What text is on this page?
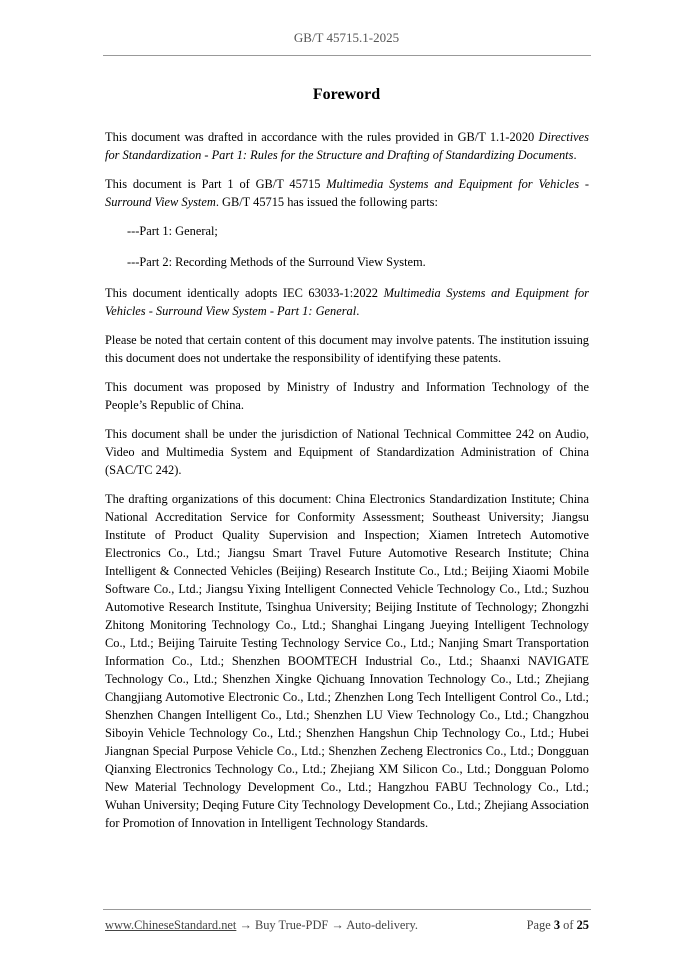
GB/T 45715.1-2025
Foreword

This document was drafted in accordance with the rules provided in GB/T 1.1-2020 Directives for Standardization - Part 1: Rules for the Structure and Drafting of Standardizing Documents.

This document is Part 1 of GB/T 45715 Multimedia Systems and Equipment for Vehicles - Surround View System. GB/T 45715 has issued the following parts:

---Part 1: General;

---Part 2: Recording Methods of the Surround View System.

This document identically adopts IEC 63033-1:2022 Multimedia Systems and Equipment for Vehicles - Surround View System - Part 1: General.

Please be noted that certain content of this document may involve patents. The institution issuing this document does not undertake the responsibility of identifying these patents.

This document was proposed by Ministry of Industry and Information Technology of the People’s Republic of China.

This document shall be under the jurisdiction of National Technical Committee 242 on Audio, Video and Multimedia System and Equipment of Standardization Administration of China (SAC/TC 242).

The drafting organizations of this document: China Electronics Standardization Institute; China National Accreditation Service for Conformity Assessment; Southeast University; Jiangsu Institute of Product Quality Supervision and Inspection; Xiamen Intretech Automotive Electronics Co., Ltd.; Jiangsu Smart Travel Future Automotive Research Institute; China Intelligent & Connected Vehicles (Beijing) Research Institute Co., Ltd.; Beijing Xiaomi Mobile Software Co., Ltd.; Jiangsu Yixing Intelligent Connected Vehicle Technology Co., Ltd.; Suzhou Automotive Research Institute, Tsinghua University; Beijing Institute of Technology; Zhongzhi Zhitong Monitoring Technology Co., Ltd.; Shanghai Lingang Jueying Intelligent Technology Co., Ltd.; Beijing Tairuite Testing Technology Service Co., Ltd.; Nanjing Smart Transportation Information Co., Ltd.; Shenzhen BOOMTECH Industrial Co., Ltd.; Shaanxi NAVIGATE Technology Co., Ltd.; Shenzhen Xingke Qichuang Innovation Technology Co., Ltd.; Zhejiang Changjiang Automotive Electronic Co., Ltd.; Zhenzhen Long Tech Intelligent Control Co., Ltd.; Shenzhen Changen Intelligent Co., Ltd.; Shenzhen LU View Technology Co., Ltd.; Changzhou Siboyin Vehicle Technology Co., Ltd.; Shenzhen Hangshun Chip Technology Co., Ltd.; Hubei Jiangnan Special Purpose Vehicle Co., Ltd.; Shenzhen Zecheng Electronics Co., Ltd.; Dongguan Qianxing Electronics Technology Co., Ltd.; Zhejiang XM Silicon Co., Ltd.; Dongguan Polomo New Material Technology Development Co., Ltd.; Hangzhou FABU Technology Co., Ltd.; Wuhan University; Deqing Future City Technology Development Co., Ltd.; Zhejiang Association for Promotion of Innovation in Intelligent Technology Standards.

www.ChineseStandard.net → Buy True-PDF → Auto-delivery.	Page 3 of 25
